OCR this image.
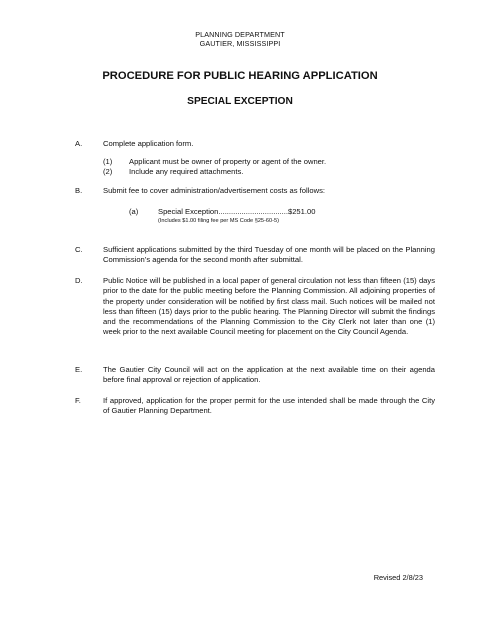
PLANNING DEPARTMENT
GAUTIER, MISSISSIPPI
PROCEDURE FOR PUBLIC HEARING APPLICATION
SPECIAL EXCEPTION
A.	Complete application form.
(1) Applicant must be owner of property or agent of the owner.
(2) Include any required attachments.
B.	Submit fee to cover administration/advertisement costs as follows:
(a)	Special Exception.................................$251.00
(Includes $1.00 filing fee per MS Code §25-60-5)
C.	Sufficient applications submitted by the third Tuesday of one month will be placed on the Planning Commission’s agenda for the second month after submittal.
D.	Public Notice will be published in a local paper of general circulation not less than fifteen (15) days prior to the date for the public meeting before the Planning Commission. All adjoining properties of the property under consideration will be notified by first class mail. Such notices will be mailed not less than fifteen (15) days prior to the public hearing. The Planning Director will submit the findings and the recommendations of the Planning Commission to the City Clerk not later than one (1) week prior to the next available Council meeting for placement on the City Council Agenda.
E.	The Gautier City Council will act on the application at the next available time on their agenda before final approval or rejection of application.
F.	If approved, application for the proper permit for the use intended shall be made through the City of Gautier Planning Department.
Revised 2/8/23
